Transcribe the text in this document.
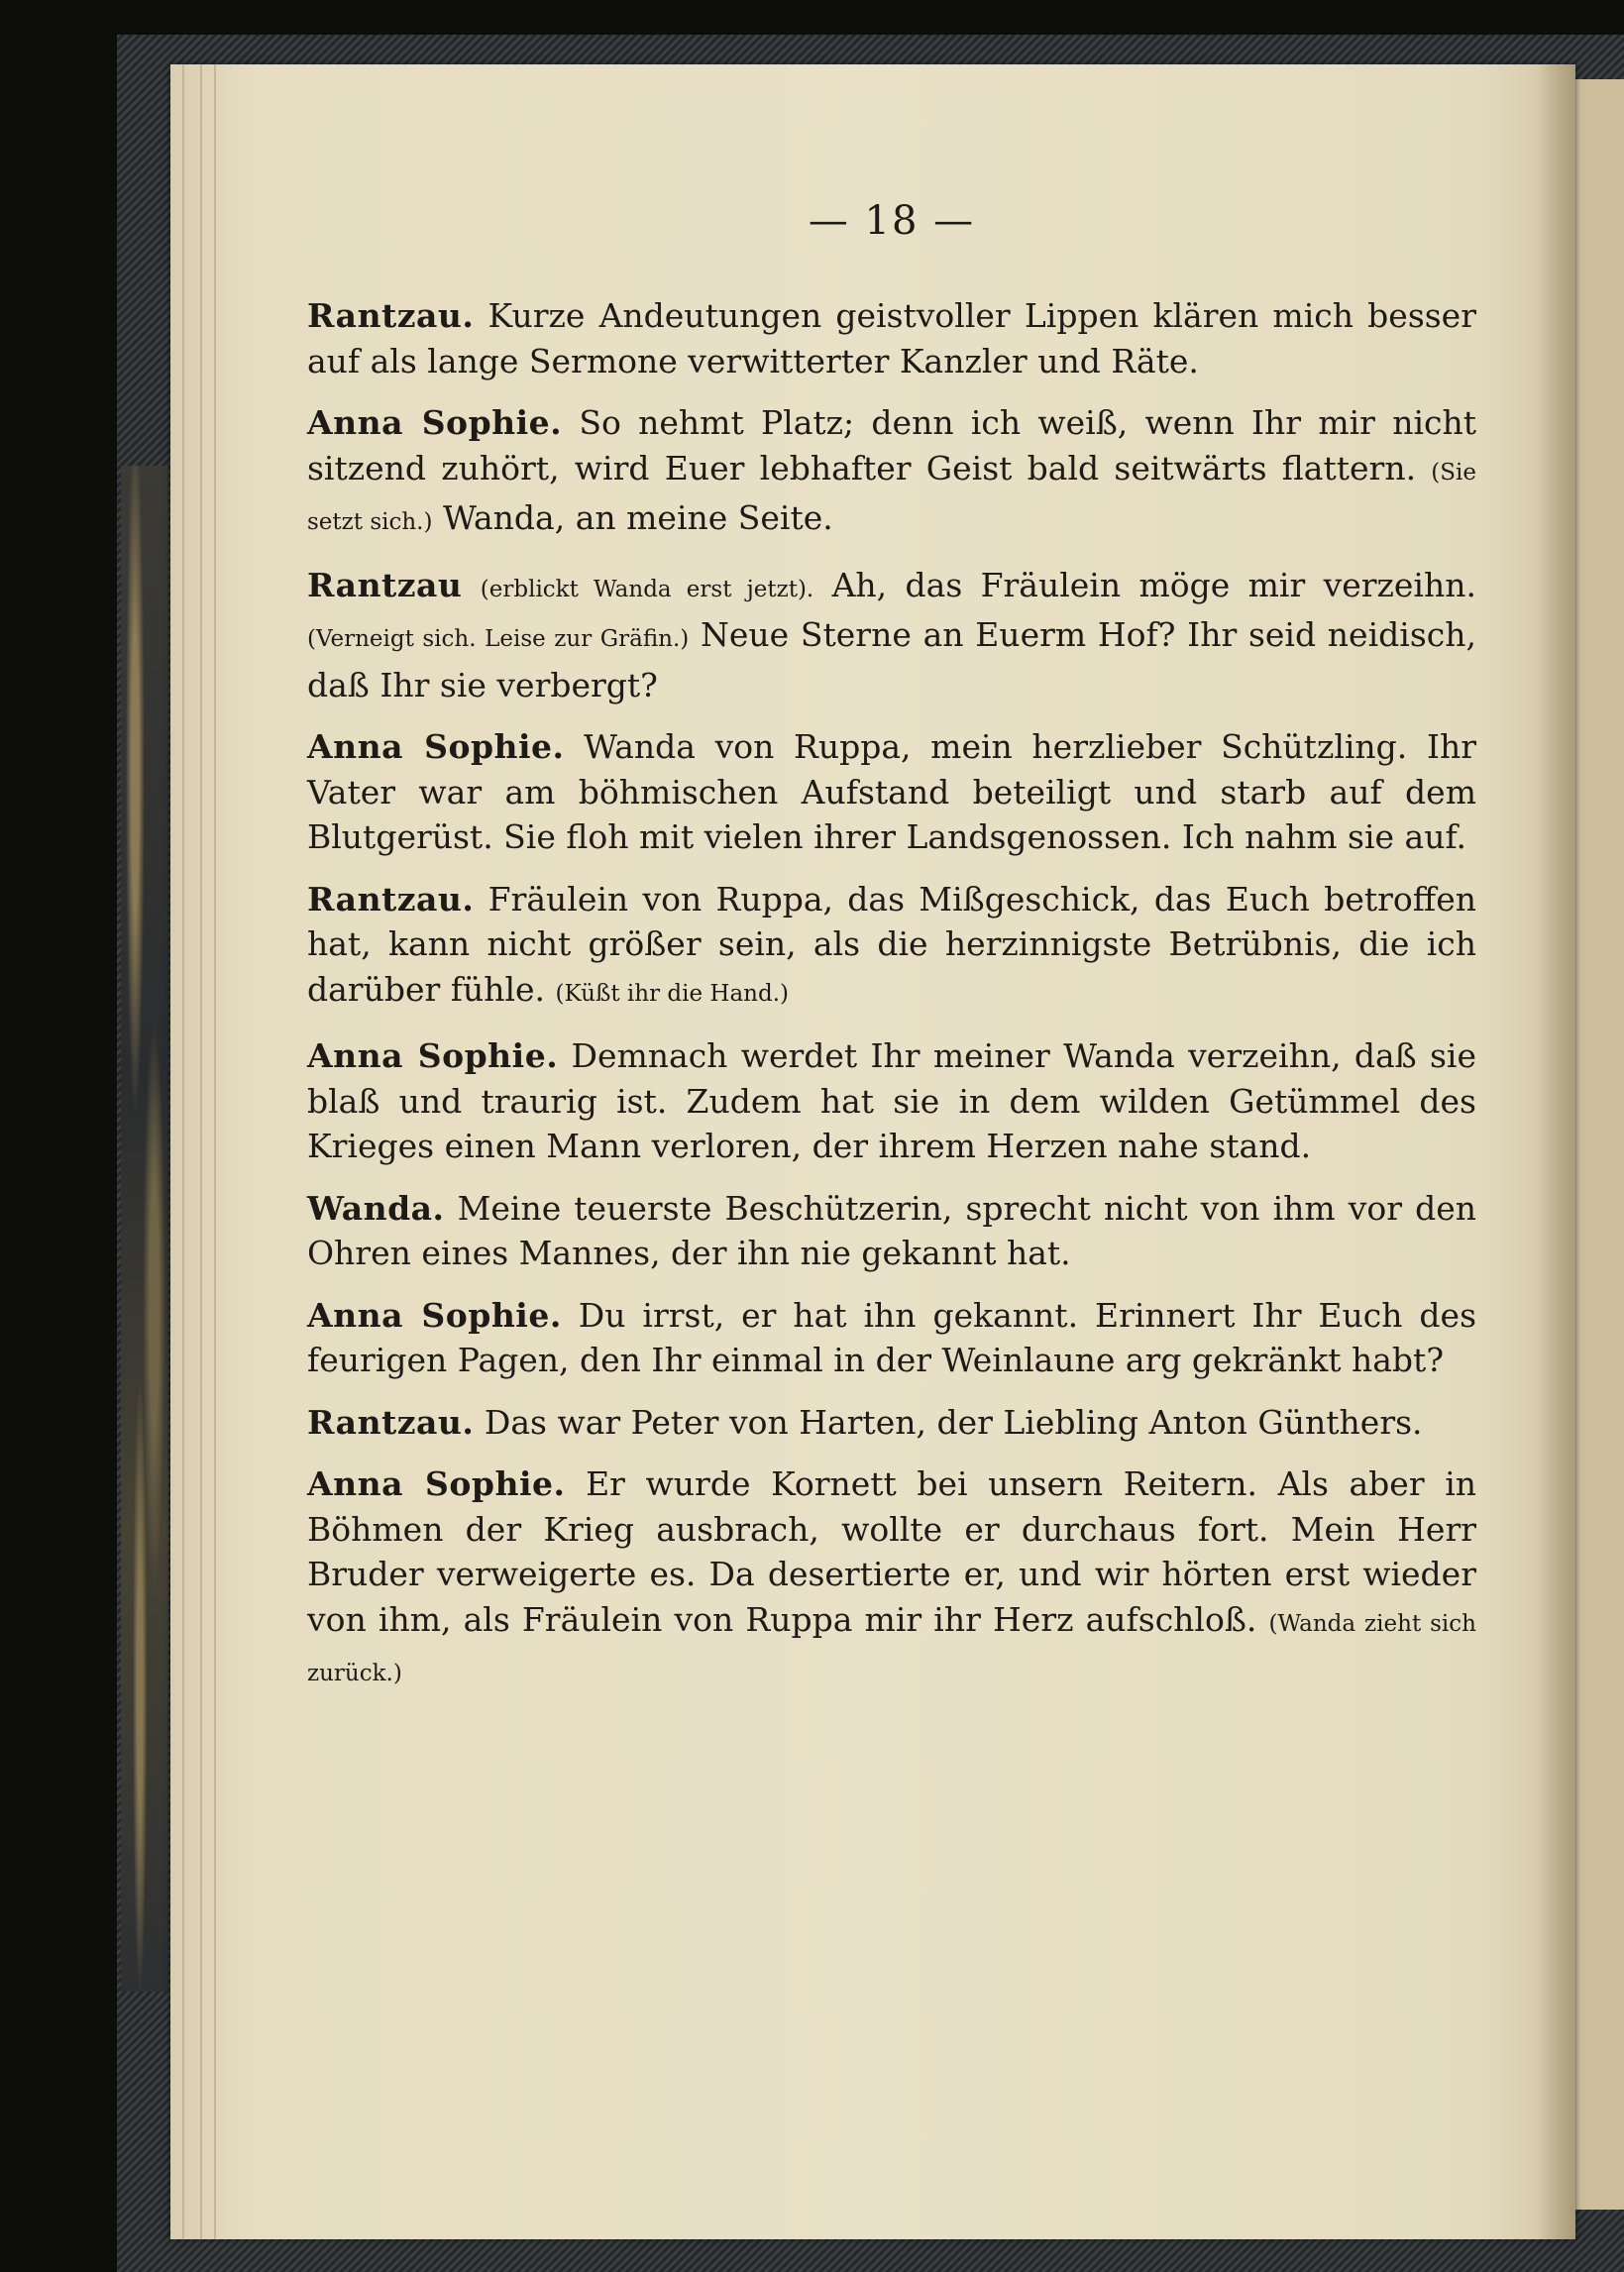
— 18 —

Rantzau. Kurze Andeutungen geistvoller Lippen klären mich besser auf als lange Sermone verwitterter Kanzler und Räte.

Anna Sophie. So nehmt Platz; denn ich weiß, wenn Ihr mir nicht sitzend zuhört, wird Euer lebhafter Geist bald seitwärts flattern. (Sie setzt sich.) Wanda, an meine Seite.

Rantzau (erblickt Wanda erst jetzt). Ah, das Fräulein möge mir verzeihn. (Verneigt sich. Leise zur Gräfin.) Neue Sterne an Euerm Hof? Ihr seid neidisch, daß Ihr sie verbergt?

Anna Sophie. Wanda von Ruppa, mein herzlieber Schützling. Ihr Vater war am böhmischen Aufstand beteiligt und starb auf dem Blutgerüst. Sie floh mit vielen ihrer Landsgenossen. Ich nahm sie auf.

Rantzau. Fräulein von Ruppa, das Mißgeschick, das Euch betroffen hat, kann nicht größer sein, als die herzinnigste Betrübnis, die ich darüber fühle. (Küßt ihr die Hand.)

Anna Sophie. Demnach werdet Ihr meiner Wanda verzeihn, daß sie blaß und traurig ist. Zudem hat sie in dem wilden Getümmel des Krieges einen Mann verloren, der ihrem Herzen nahe stand.

Wanda. Meine teuerste Beschützerin, sprecht nicht von ihm vor den Ohren eines Mannes, der ihn nie gekannt hat.

Anna Sophie. Du irrst, er hat ihn gekannt. Erinnert Ihr Euch des feurigen Pagen, den Ihr einmal in der Weinlaune arg gekränkt habt?

Rantzau. Das war Peter von Harten, der Liebling Anton Günthers.

Anna Sophie. Er wurde Kornett bei unsern Reitern. Als aber in Böhmen der Krieg ausbrach, wollte er durchaus fort. Mein Herr Bruder verweigerte es. Da desertierte er, und wir hörten erst wieder von ihm, als Fräulein von Ruppa mir ihr Herz aufschloß. (Wanda zieht sich zurück.)
